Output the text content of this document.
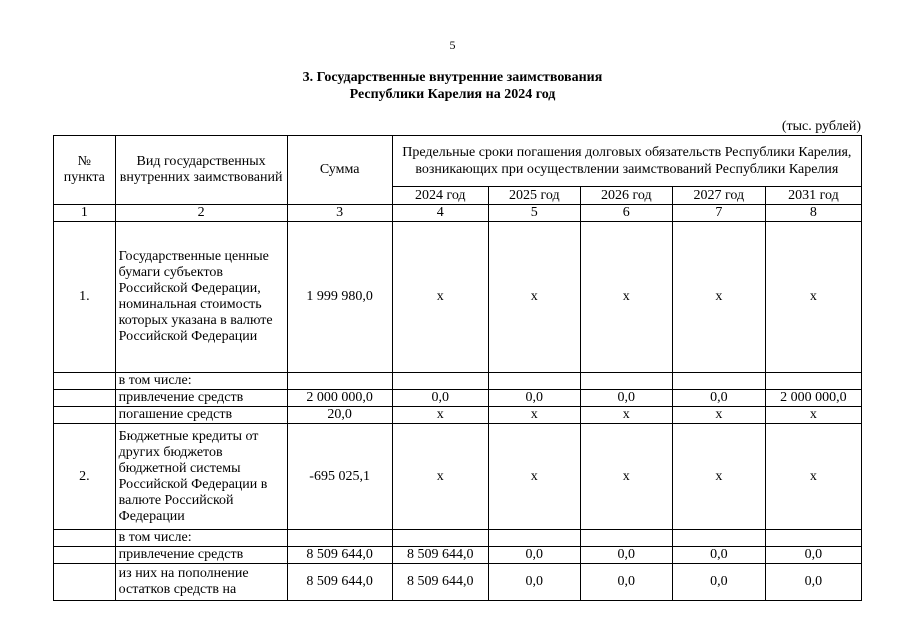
5
3. Государственные внутренние заимствования
Республики Карелия на 2024 год
(тыс. рублей)
№ пункта	Вид государственных внутренних заимствований	Сумма	Предельные сроки погашения долговых обязательств Республики Карелия, возникающих при осуществлении заимствований Республики Карелия				
			2024 год	2025 год	2026 год	2027 год	2031 год
1	2	3	4	5	6	7	8
1.	Государственные ценные бумаги субъектов Российской Федерации, номинальная стоимость которых указана в валюте Российской Федерации	1 999 980,0	x	x	x	x	x
	в том числе:						
	привлечение средств	2 000 000,0	0,0	0,0	0,0	0,0	2 000 000,0
	погашение средств	20,0	x	x	x	x	x
2.	Бюджетные кредиты от других бюджетов бюджетной системы Российской Федерации в валюте Российской Федерации	-695 025,1	x	x	x	x	x
	в том числе:						
	привлечение средств	8 509 644,0	8 509 644,0	0,0	0,0	0,0	0,0
	из них на пополнение остатков средств на	8 509 644,0	8 509 644,0	0,0	0,0	0,0	0,0
